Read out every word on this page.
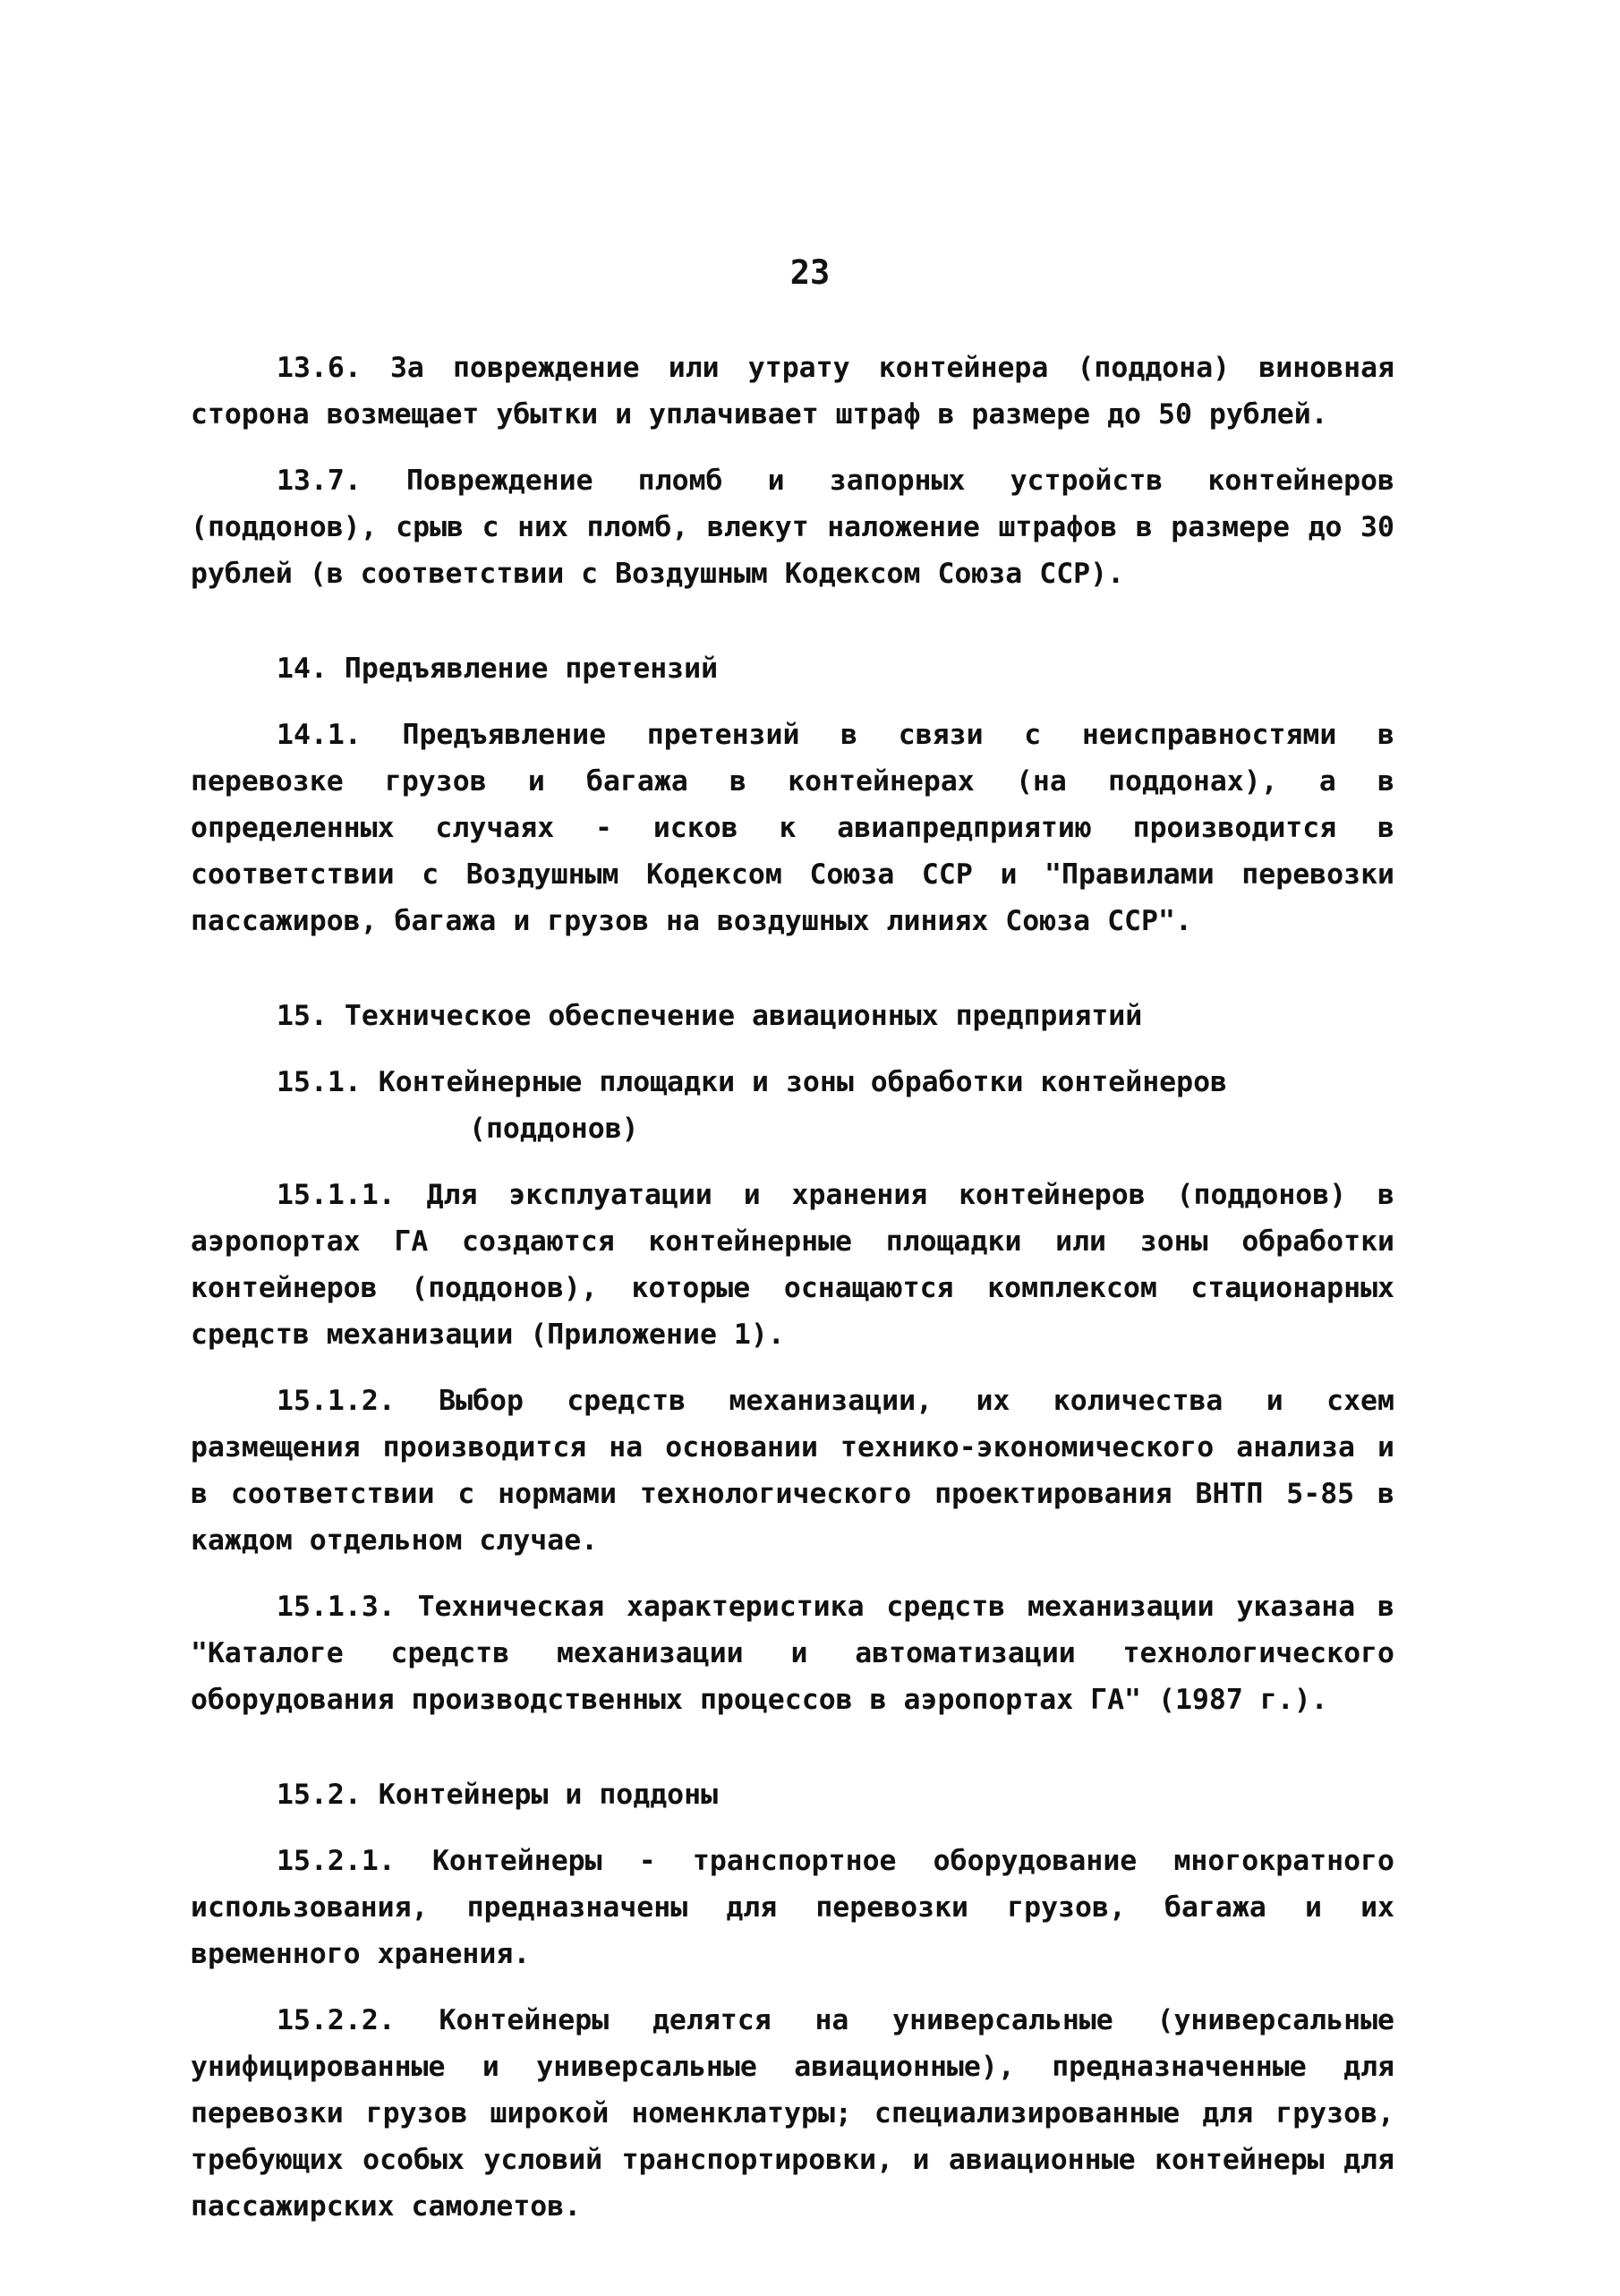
23

13.6. За повреждение или утрату контейнера (поддона) виновная сторона возмещает убытки и уплачивает штраф в размере до 50 рублей.

13.7. Повреждение пломб и запорных устройств контейнеров (поддонов), срыв с них пломб, влекут наложение штрафов в размере до 30 рублей (в соответствии с Воздушным Кодексом Союза ССР).

14. Предъявление претензий

14.1. Предъявление претензий в связи с неисправностями в перевозке грузов и багажа в контейнерах (на поддонах), а в определенных случаях - исков к авиапредприятию производится в соответствии с Воздушным Кодексом Союза ССР и "Правилами перевозки пассажиров, багажа и грузов на воздушных линиях Союза ССР".

15. Техническое обеспечение авиационных предприятий
15.1. Контейнерные площадки и зоны обработки контейнеров
(поддонов)

15.1.1. Для эксплуатации и хранения контейнеров (поддонов) в аэропортах ГА создаются контейнерные площадки или зоны обработки контейнеров (поддонов), которые оснащаются комплексом стационарных средств механизации (Приложение 1).

15.1.2. Выбор средств механизации, их количества и схем размещения производится на основании технико-экономического анализа и в соответствии с нормами технологического проектирования ВНТП 5-85 в каждом отдельном случае.

15.1.3. Техническая характеристика средств механизации указана в "Каталоге средств механизации и автоматизации технологического оборудования производственных процессов в аэропортах ГА" (1987 г.).

15.2. Контейнеры и поддоны

15.2.1. Контейнеры - транспортное оборудование многократного использования, предназначены для перевозки грузов, багажа и их временного хранения.

15.2.2. Контейнеры делятся на универсальные (универсальные унифицированные и универсальные авиационные), предназначенные для перевозки грузов широкой номенклатуры; специализированные для грузов, требующих особых условий транспортировки, и авиационные контейнеры для пассажирских самолетов.
